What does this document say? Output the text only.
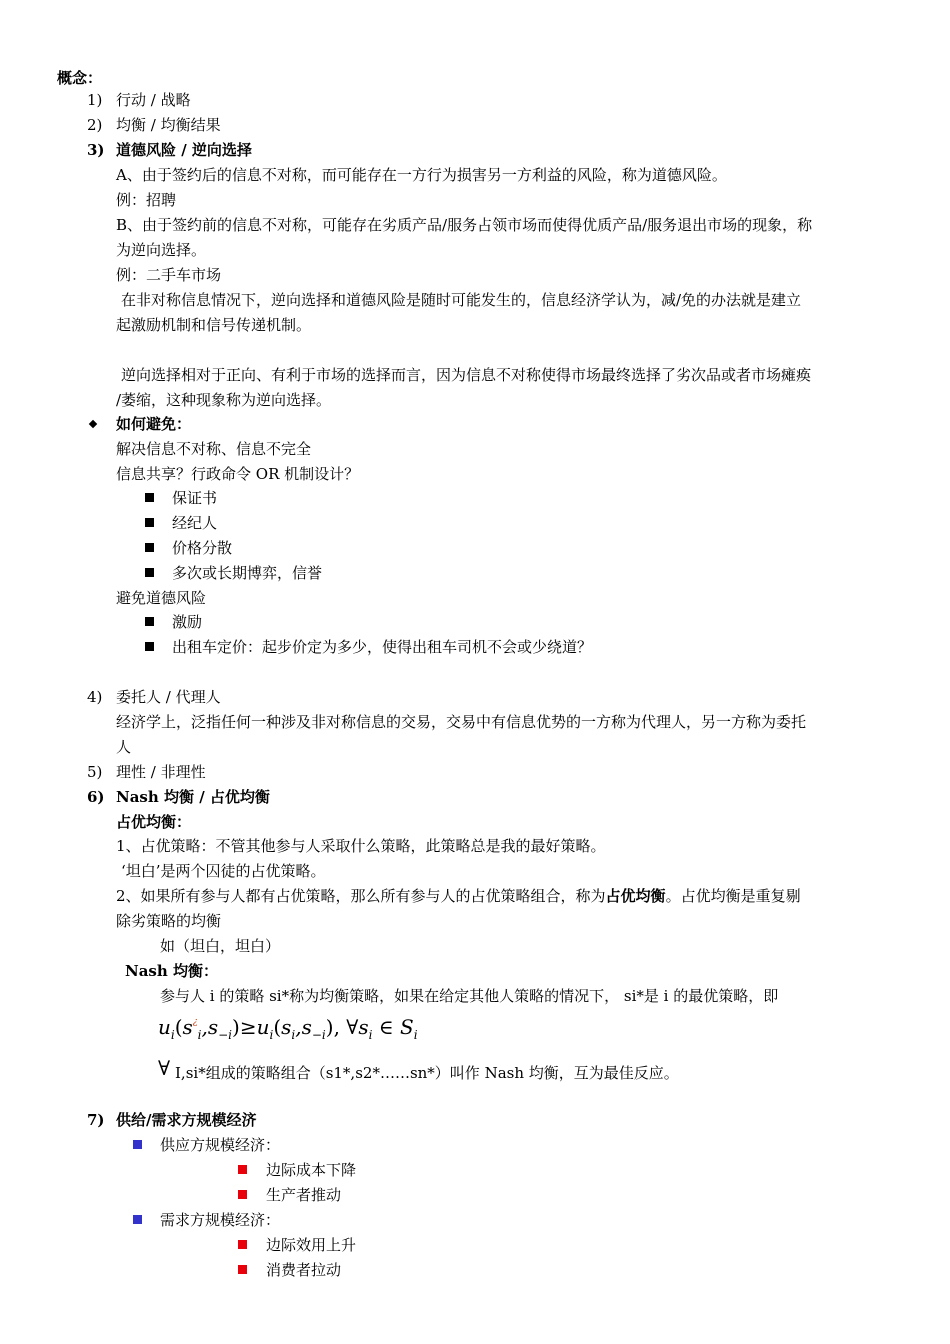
概念：
1) 行动 / 战略
2) 均衡 / 均衡结果
3) 道德风险 / 逆向选择
A、由于签约后的信息不对称，而可能存在一方行为损害另一方利益的风险，称为道德风险。
例：招聘
B、由于签约前的信息不对称，可能存在劣质产品/服务占领市场而使得优质产品/服务退出市场的现象，称
为逆向选择。
例：二手车市场
在非对称信息情况下，逆向选择和道德风险是随时可能发生的，信息经济学认为，减/免的办法就是建立
起激励机制和信号传递机制。
逆向选择相对于正向、有利于市场的选择而言，因为信息不对称使得市场最终选择了劣次品或者市场瘫痪
/萎缩，这种现象称为逆向选择。
如何避免：
解决信息不对称、信息不完全
信息共享？行政命令 OR 机制设计？
保证书
经纪人
价格分散
多次或长期博弈，信誉
避免道德风险
激励
出租车定价：起步价定为多少，使得出租车司机不会或少绕道？
4) 委托人 / 代理人
经济学上，泛指任何一种涉及非对称信息的交易，交易中有信息优势的一方称为代理人，另一方称为委托
人
5) 理性 / 非理性
6) Nash 均衡 / 占优均衡
占优均衡：
1、占优策略：不管其他参与人采取什么策略，此策略总是我的最好策略。
‘坦白’是两个囚徒的占优策略。
2、如果所有参与人都有占优策略，那么所有参与人的占优策略组合，称为占优均衡。占优均衡是重复剔
除劣策略的均衡
如（坦白，坦白）
Nash 均衡：
参与人 i 的策略 si*称为均衡策略，如果在给定其他人策略的情况下， si*是 i 的最优策略，即
$u_i(s^¿_i,s_{-i})\ge u_i(s_i,s_{-i})$, $\forall s_i$ ∈ $S_i$
∀ I,si*组成的策略组合（s1*,s2*……sn*）叫作 Nash 均衡，互为最佳反应。
7) 供给/需求方规模经济
供应方规模经济：
边际成本下降
生产者推动
需求方规模经济：
边际效用上升
消费者拉动
